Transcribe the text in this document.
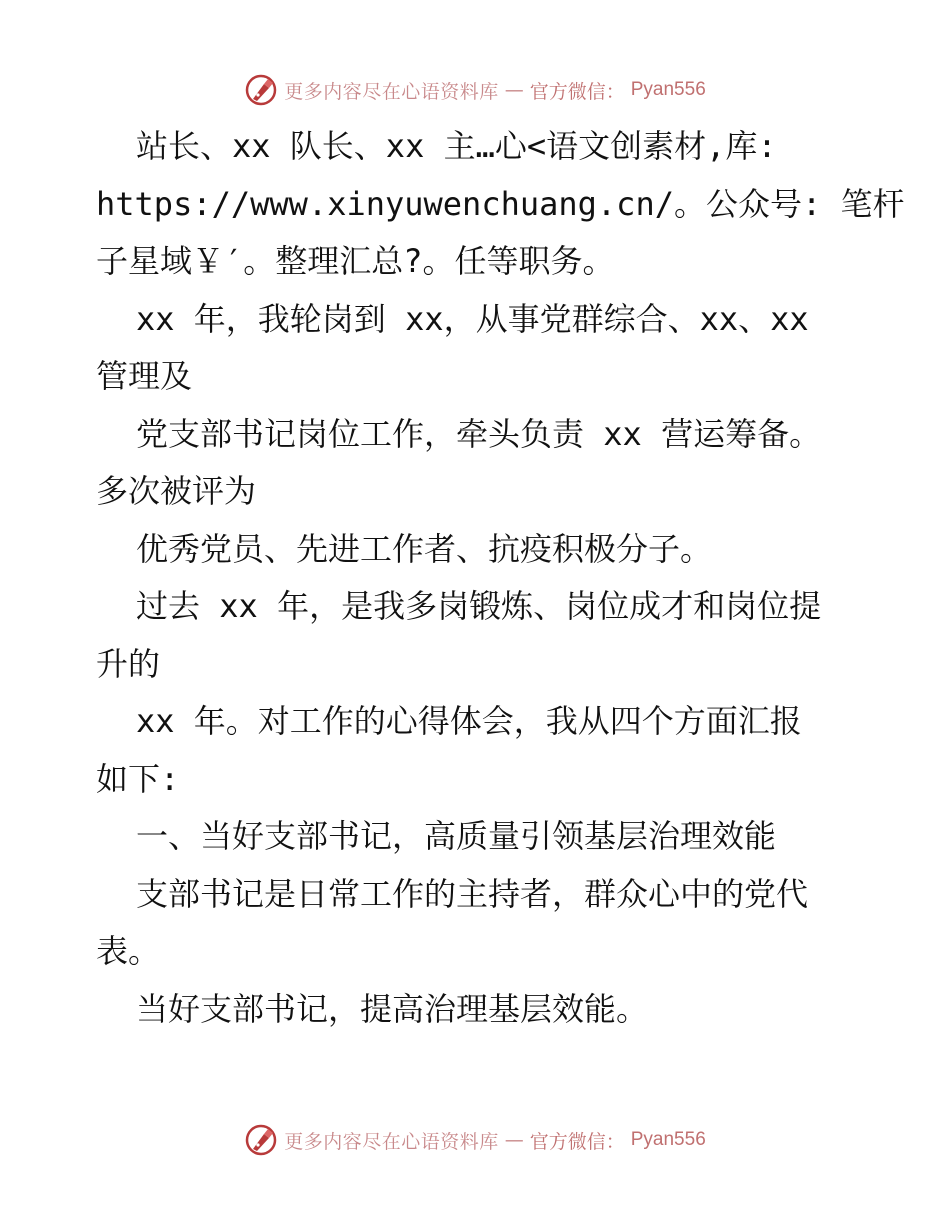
更多内容尽在心语资料库 — 官方微信： Pyan556
站长、xx 队长、xx 主…心<语文创素材,库:
https://www.xinyuwenchuang.cn/。公众号: 笔杆
子星域￥′。整理汇总?。任等职务。
xx 年，我轮岗到 xx，从事党群综合、xx、xx
管理及
党支部书记岗位工作，牵头负责 xx 营运筹备。
多次被评为
优秀党员、先进工作者、抗疫积极分子。
过去 xx 年，是我多岗锻炼、岗位成才和岗位提
升的
xx 年。对工作的心得体会，我从四个方面汇报
如下:
一、当好支部书记，高质量引领基层治理效能
支部书记是日常工作的主持者，群众心中的党代
表。
当好支部书记，提高治理基层效能。
更多内容尽在心语资料库 — 官方微信： Pyan556
